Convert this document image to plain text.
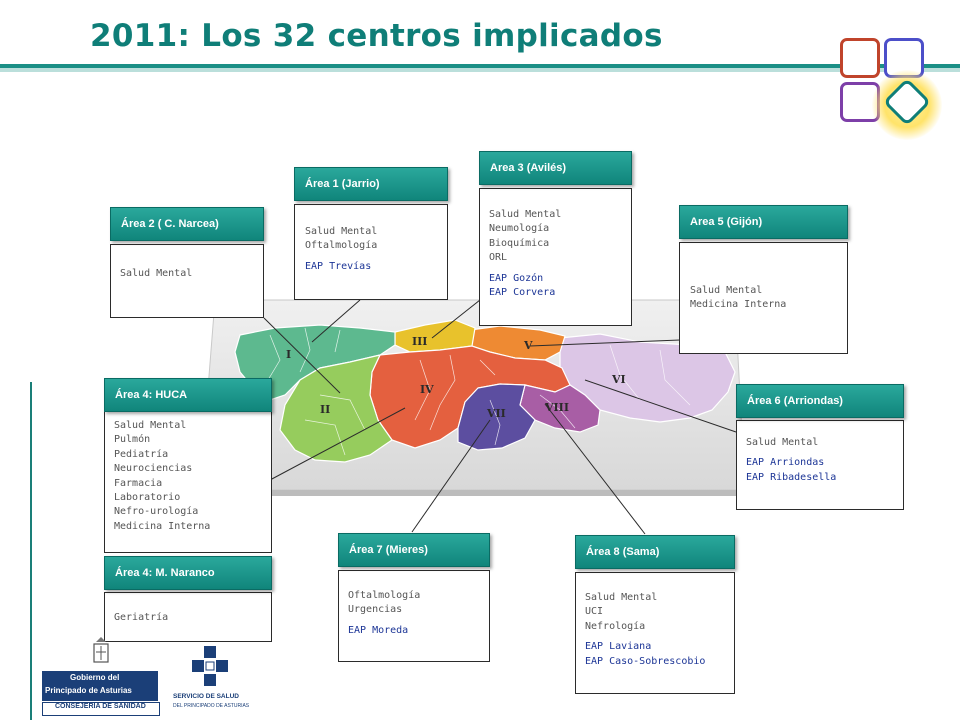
2011: Los 32 centros implicados
I
II
III
IV
V
VI
VII	VIII
Área 2 ( C. Narcea)
Salud Mental
Área 1 (Jarrio)
Salud Mental
Oftalmología
EAP Trevías
Area 3 (Avilés)
Salud Mental
Neumología
Bioquímica
ORL
EAP Gozón
EAP Corvera
Area 5 (Gijón)
Salud Mental
Medicina Interna
Área 4: HUCA
Salud Mental
Pulmón
Pediatría
Neurociencias
Farmacia
Laboratorio
Nefro-urología
Medicina Interna
Área 4: M. Naranco
Geriatría
Área 6 (Arriondas)
Salud Mental
EAP Arriondas
EAP Ribadesella
Área 7 (Mieres)
Oftalmología
Urgencias
EAP Moreda
Área 8 (Sama)
Salud Mental
UCI
Nefrología
EAP Laviana
EAP Caso-Sobrescobio
Gobierno del
Principado de Asturias
CONSEJERIA DE SANIDAD
SERVICIO DE SALUD
DEL PRINCIPADO DE ASTURIAS
